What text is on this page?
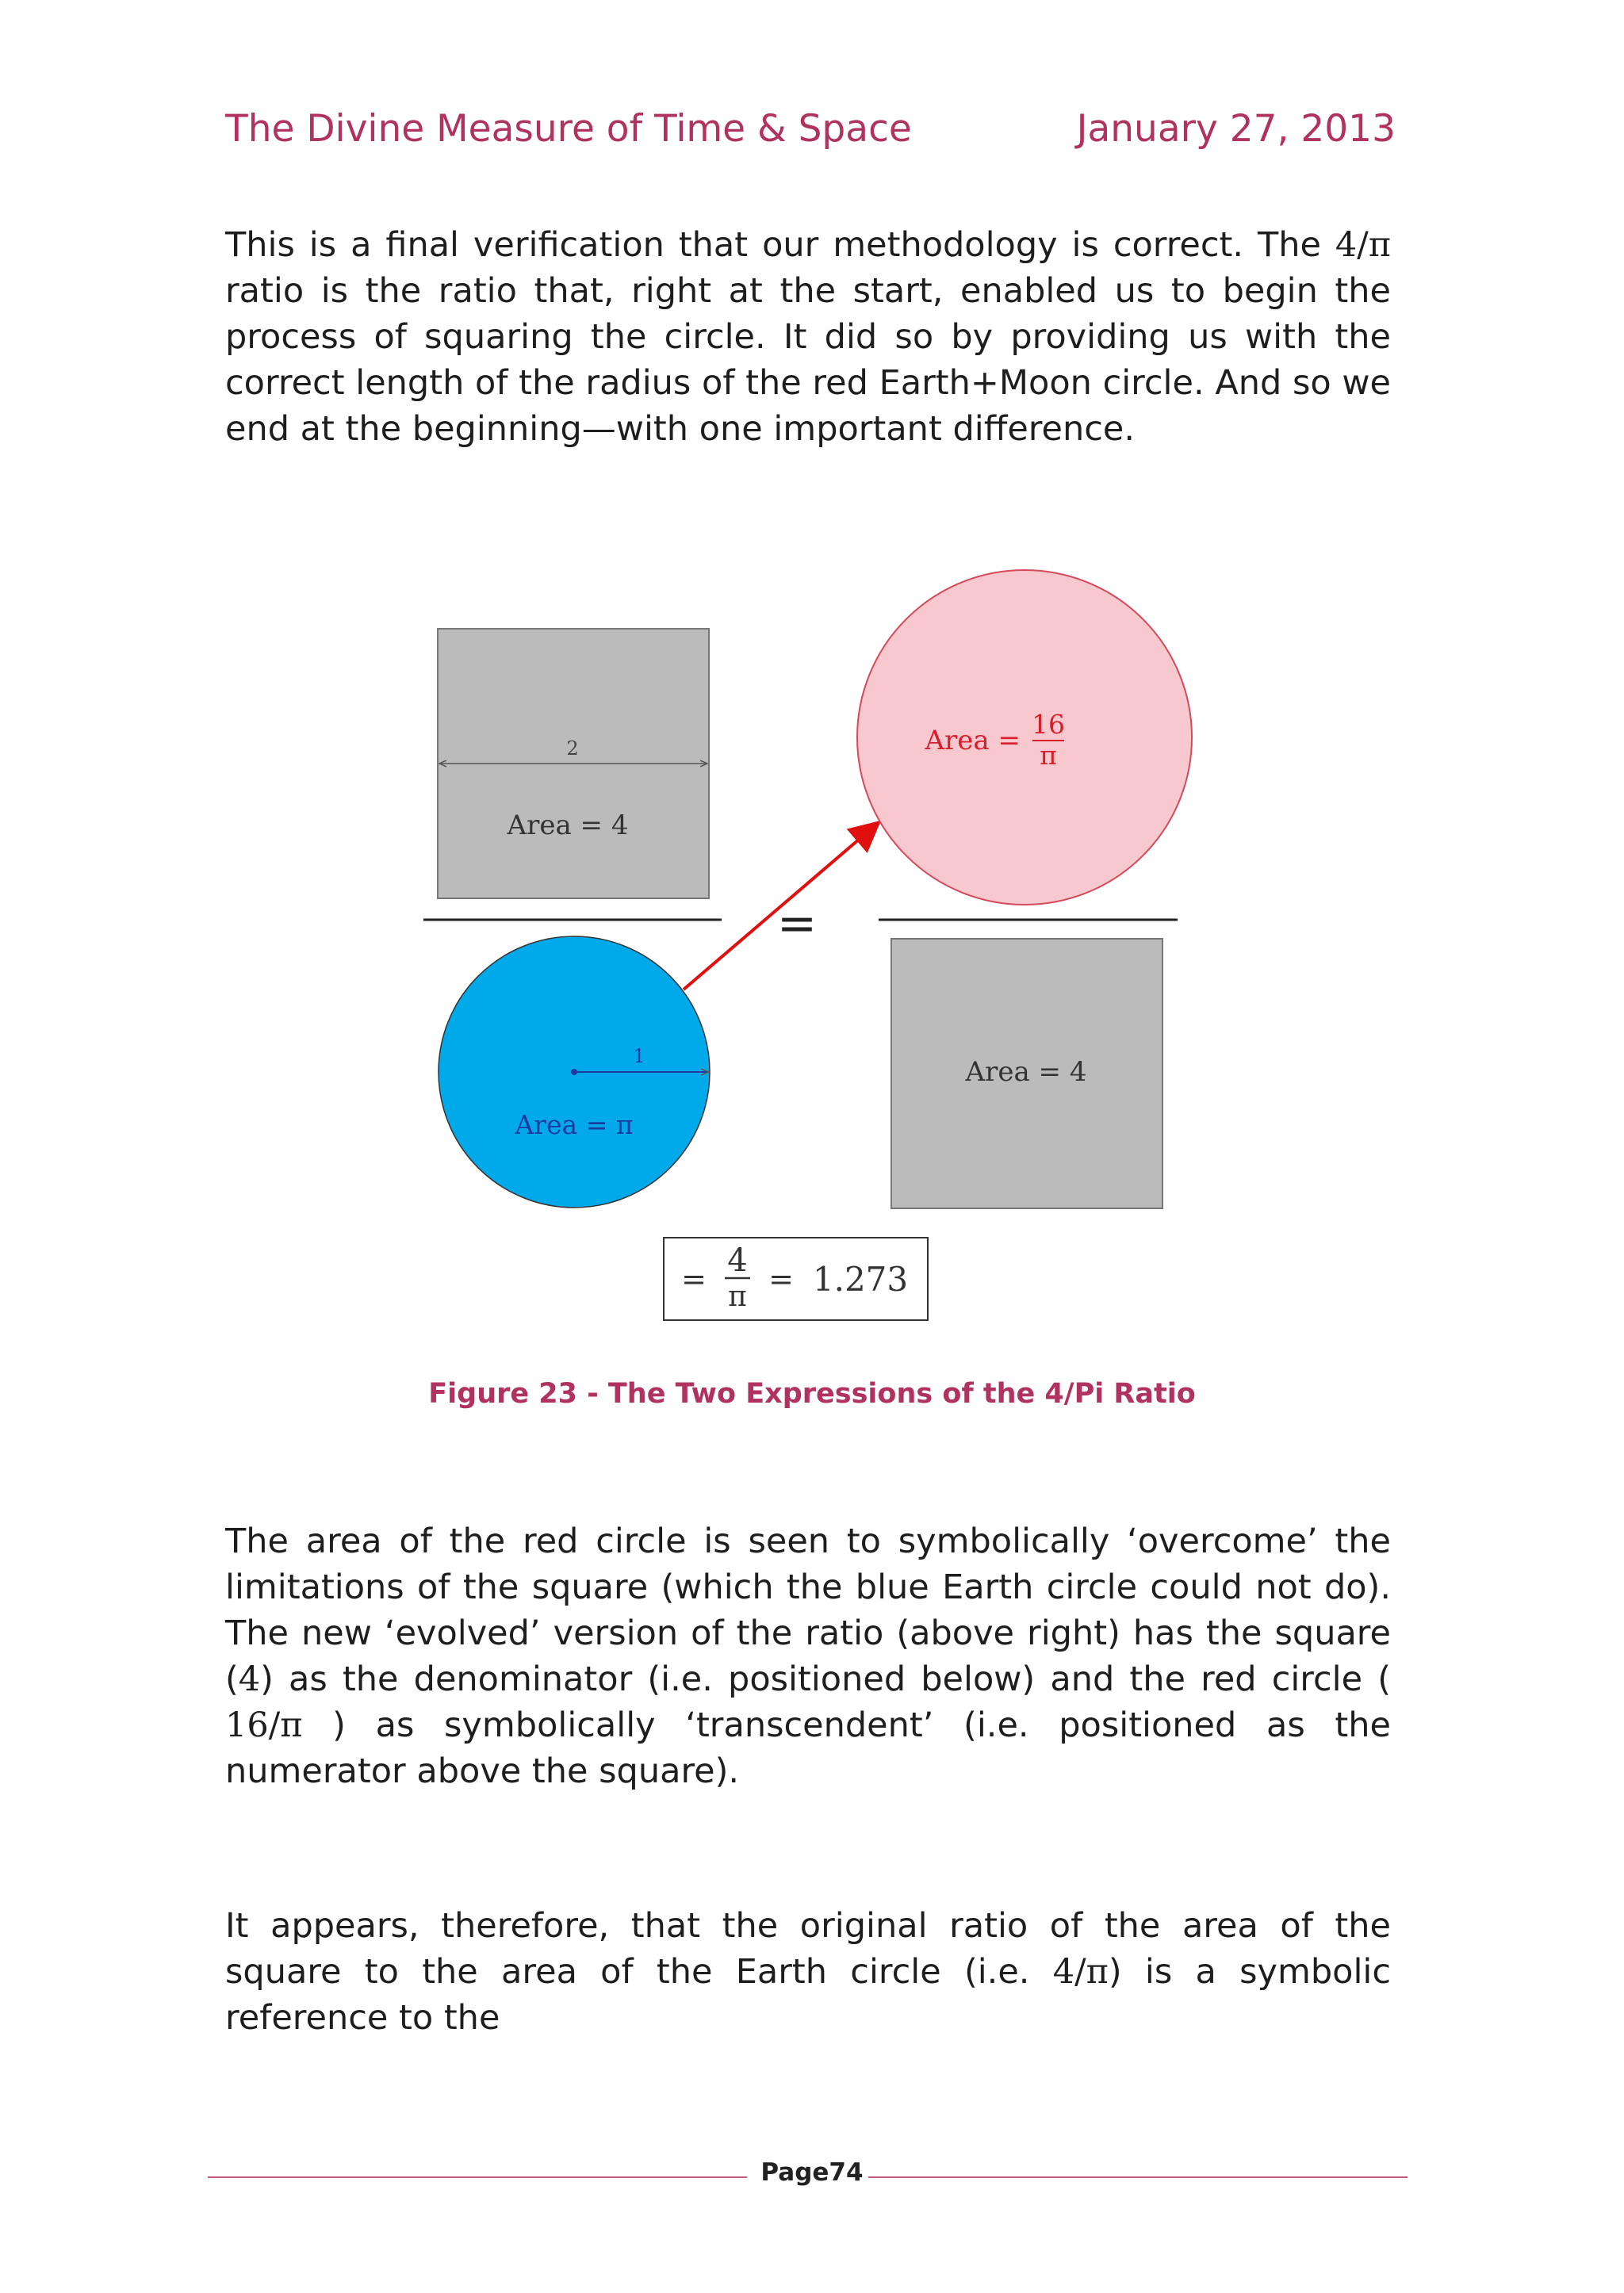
The Divine Measure of Time & Space	January 27, 2013
This is a final verification that our methodology is correct. The 4/π ratio is the ratio that, right at the start, enabled us to begin the process of squaring the circle. It did so by providing us with the correct length of the radius of the red Earth+Moon circle. And so we end at the beginning—with one important difference.
2
Area = 4
1
Area = π
=
Area =
16
π
Area = 4
= 4
π
= 1.273
Figure 23 - The Two Expressions of the 4/Pi Ratio
The area of the red circle is seen to symbolically ‘overcome’ the limitations of the square (which the blue Earth circle could not do). The new ‘evolved’ version of the ratio (above right) has the square (4) as the denominator (i.e. positioned below) and the red circle ( 16/π ) as symbolically ‘transcendent’ (i.e. positioned as the numerator above the square).
It appears, therefore, that the original ratio of the area of the square to the area of the Earth circle (i.e. 4/π) is a symbolic reference to the
Page74
